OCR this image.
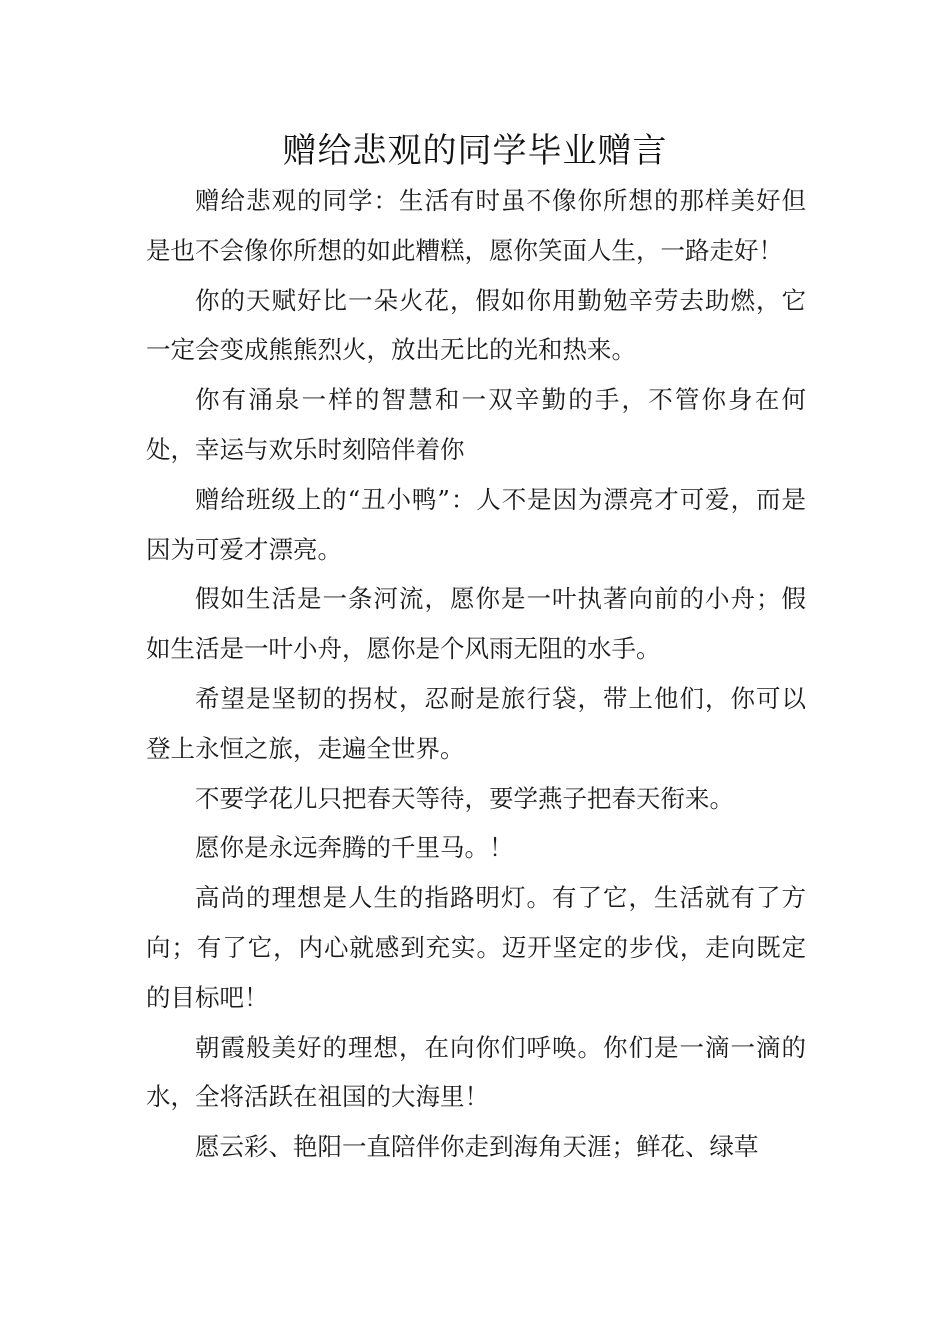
赠给悲观的同学毕业赠言

赠给悲观的同学：生活有时虽不像你所想的那样美好但是也不会像你所想的如此糟糕，愿你笑面人生，一路走好！

你的天赋好比一朵火花，假如你用勤勉辛劳去助燃，它一定会变成熊熊烈火，放出无比的光和热来。

你有涌泉一样的智慧和一双辛勤的手，不管你身在何处，幸运与欢乐时刻陪伴着你

赠给班级上的“丑小鸭”：人不是因为漂亮才可爱，而是因为可爱才漂亮。

假如生活是一条河流，愿你是一叶执著向前的小舟；假如生活是一叶小舟，愿你是个风雨无阻的水手。

希望是坚韧的拐杖，忍耐是旅行袋，带上他们，你可以登上永恒之旅，走遍全世界。

不要学花儿只把春天等待，要学燕子把春天衔来。

愿你是永远奔腾的千里马。！

高尚的理想是人生的指路明灯。有了它，生活就有了方向；有了它，内心就感到充实。迈开坚定的步伐，走向既定的目标吧！

朝霞般美好的理想，在向你们呼唤。你们是一滴一滴的水，全将活跃在祖国的大海里！

愿云彩、艳阳一直陪伴你走到海角天涯；鲜花、绿草
